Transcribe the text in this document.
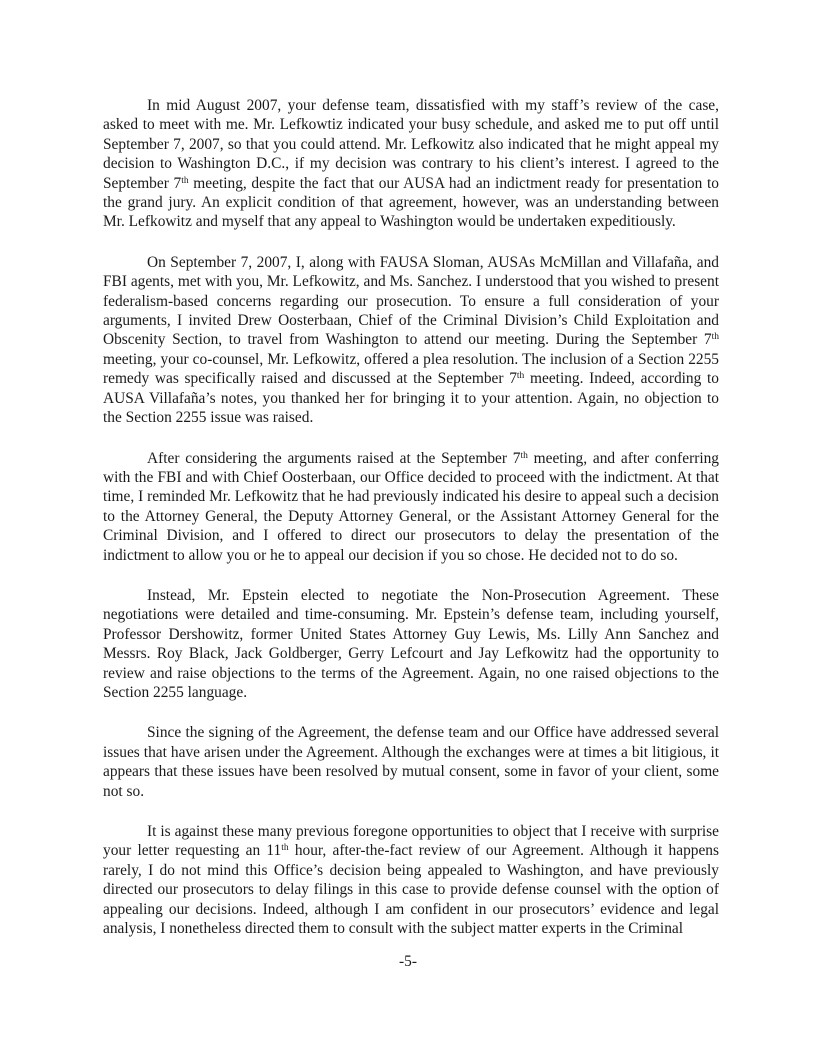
In mid August 2007, your defense team, dissatisfied with my staff’s review of the case, asked to meet with me. Mr. Lefkowtiz indicated your busy schedule, and asked me to put off until September 7, 2007, so that you could attend. Mr. Lefkowitz also indicated that he might appeal my decision to Washington D.C., if my decision was contrary to his client’s interest. I agreed to the September 7th meeting, despite the fact that our AUSA had an indictment ready for presentation to the grand jury. An explicit condition of that agreement, however, was an understanding between Mr. Lefkowitz and myself that any appeal to Washington would be undertaken expeditiously.

On September 7, 2007, I, along with FAUSA Sloman, AUSAs McMillan and Villafaña, and FBI agents, met with you, Mr. Lefkowitz, and Ms. Sanchez. I understood that you wished to present federalism-based concerns regarding our prosecution. To ensure a full consideration of your arguments, I invited Drew Oosterbaan, Chief of the Criminal Division’s Child Exploitation and Obscenity Section, to travel from Washington to attend our meeting. During the September 7th meeting, your co-counsel, Mr. Lefkowitz, offered a plea resolution. The inclusion of a Section 2255 remedy was specifically raised and discussed at the September 7th meeting. Indeed, according to AUSA Villafaña’s notes, you thanked her for bringing it to your attention. Again, no objection to the Section 2255 issue was raised.

After considering the arguments raised at the September 7th meeting, and after conferring with the FBI and with Chief Oosterbaan, our Office decided to proceed with the indictment. At that time, I reminded Mr. Lefkowitz that he had previously indicated his desire to appeal such a decision to the Attorney General, the Deputy Attorney General, or the Assistant Attorney General for the Criminal Division, and I offered to direct our prosecutors to delay the presentation of the indictment to allow you or he to appeal our decision if you so chose. He decided not to do so.

Instead, Mr. Epstein elected to negotiate the Non-Prosecution Agreement. These negotiations were detailed and time-consuming. Mr. Epstein’s defense team, including yourself, Professor Dershowitz, former United States Attorney Guy Lewis, Ms. Lilly Ann Sanchez and Messrs. Roy Black, Jack Goldberger, Gerry Lefcourt and Jay Lefkowitz had the opportunity to review and raise objections to the terms of the Agreement. Again, no one raised objections to the Section 2255 language.

Since the signing of the Agreement, the defense team and our Office have addressed several issues that have arisen under the Agreement. Although the exchanges were at times a bit litigious, it appears that these issues have been resolved by mutual consent, some in favor of your client, some not so.

It is against these many previous foregone opportunities to object that I receive with surprise your letter requesting an 11th hour, after-the-fact review of our Agreement. Although it happens rarely, I do not mind this Office’s decision being appealed to Washington, and have previously directed our prosecutors to delay filings in this case to provide defense counsel with the option of appealing our decisions. Indeed, although I am confident in our prosecutors’ evidence and legal analysis, I nonetheless directed them to consult with the subject matter experts in the Criminal

-5-
